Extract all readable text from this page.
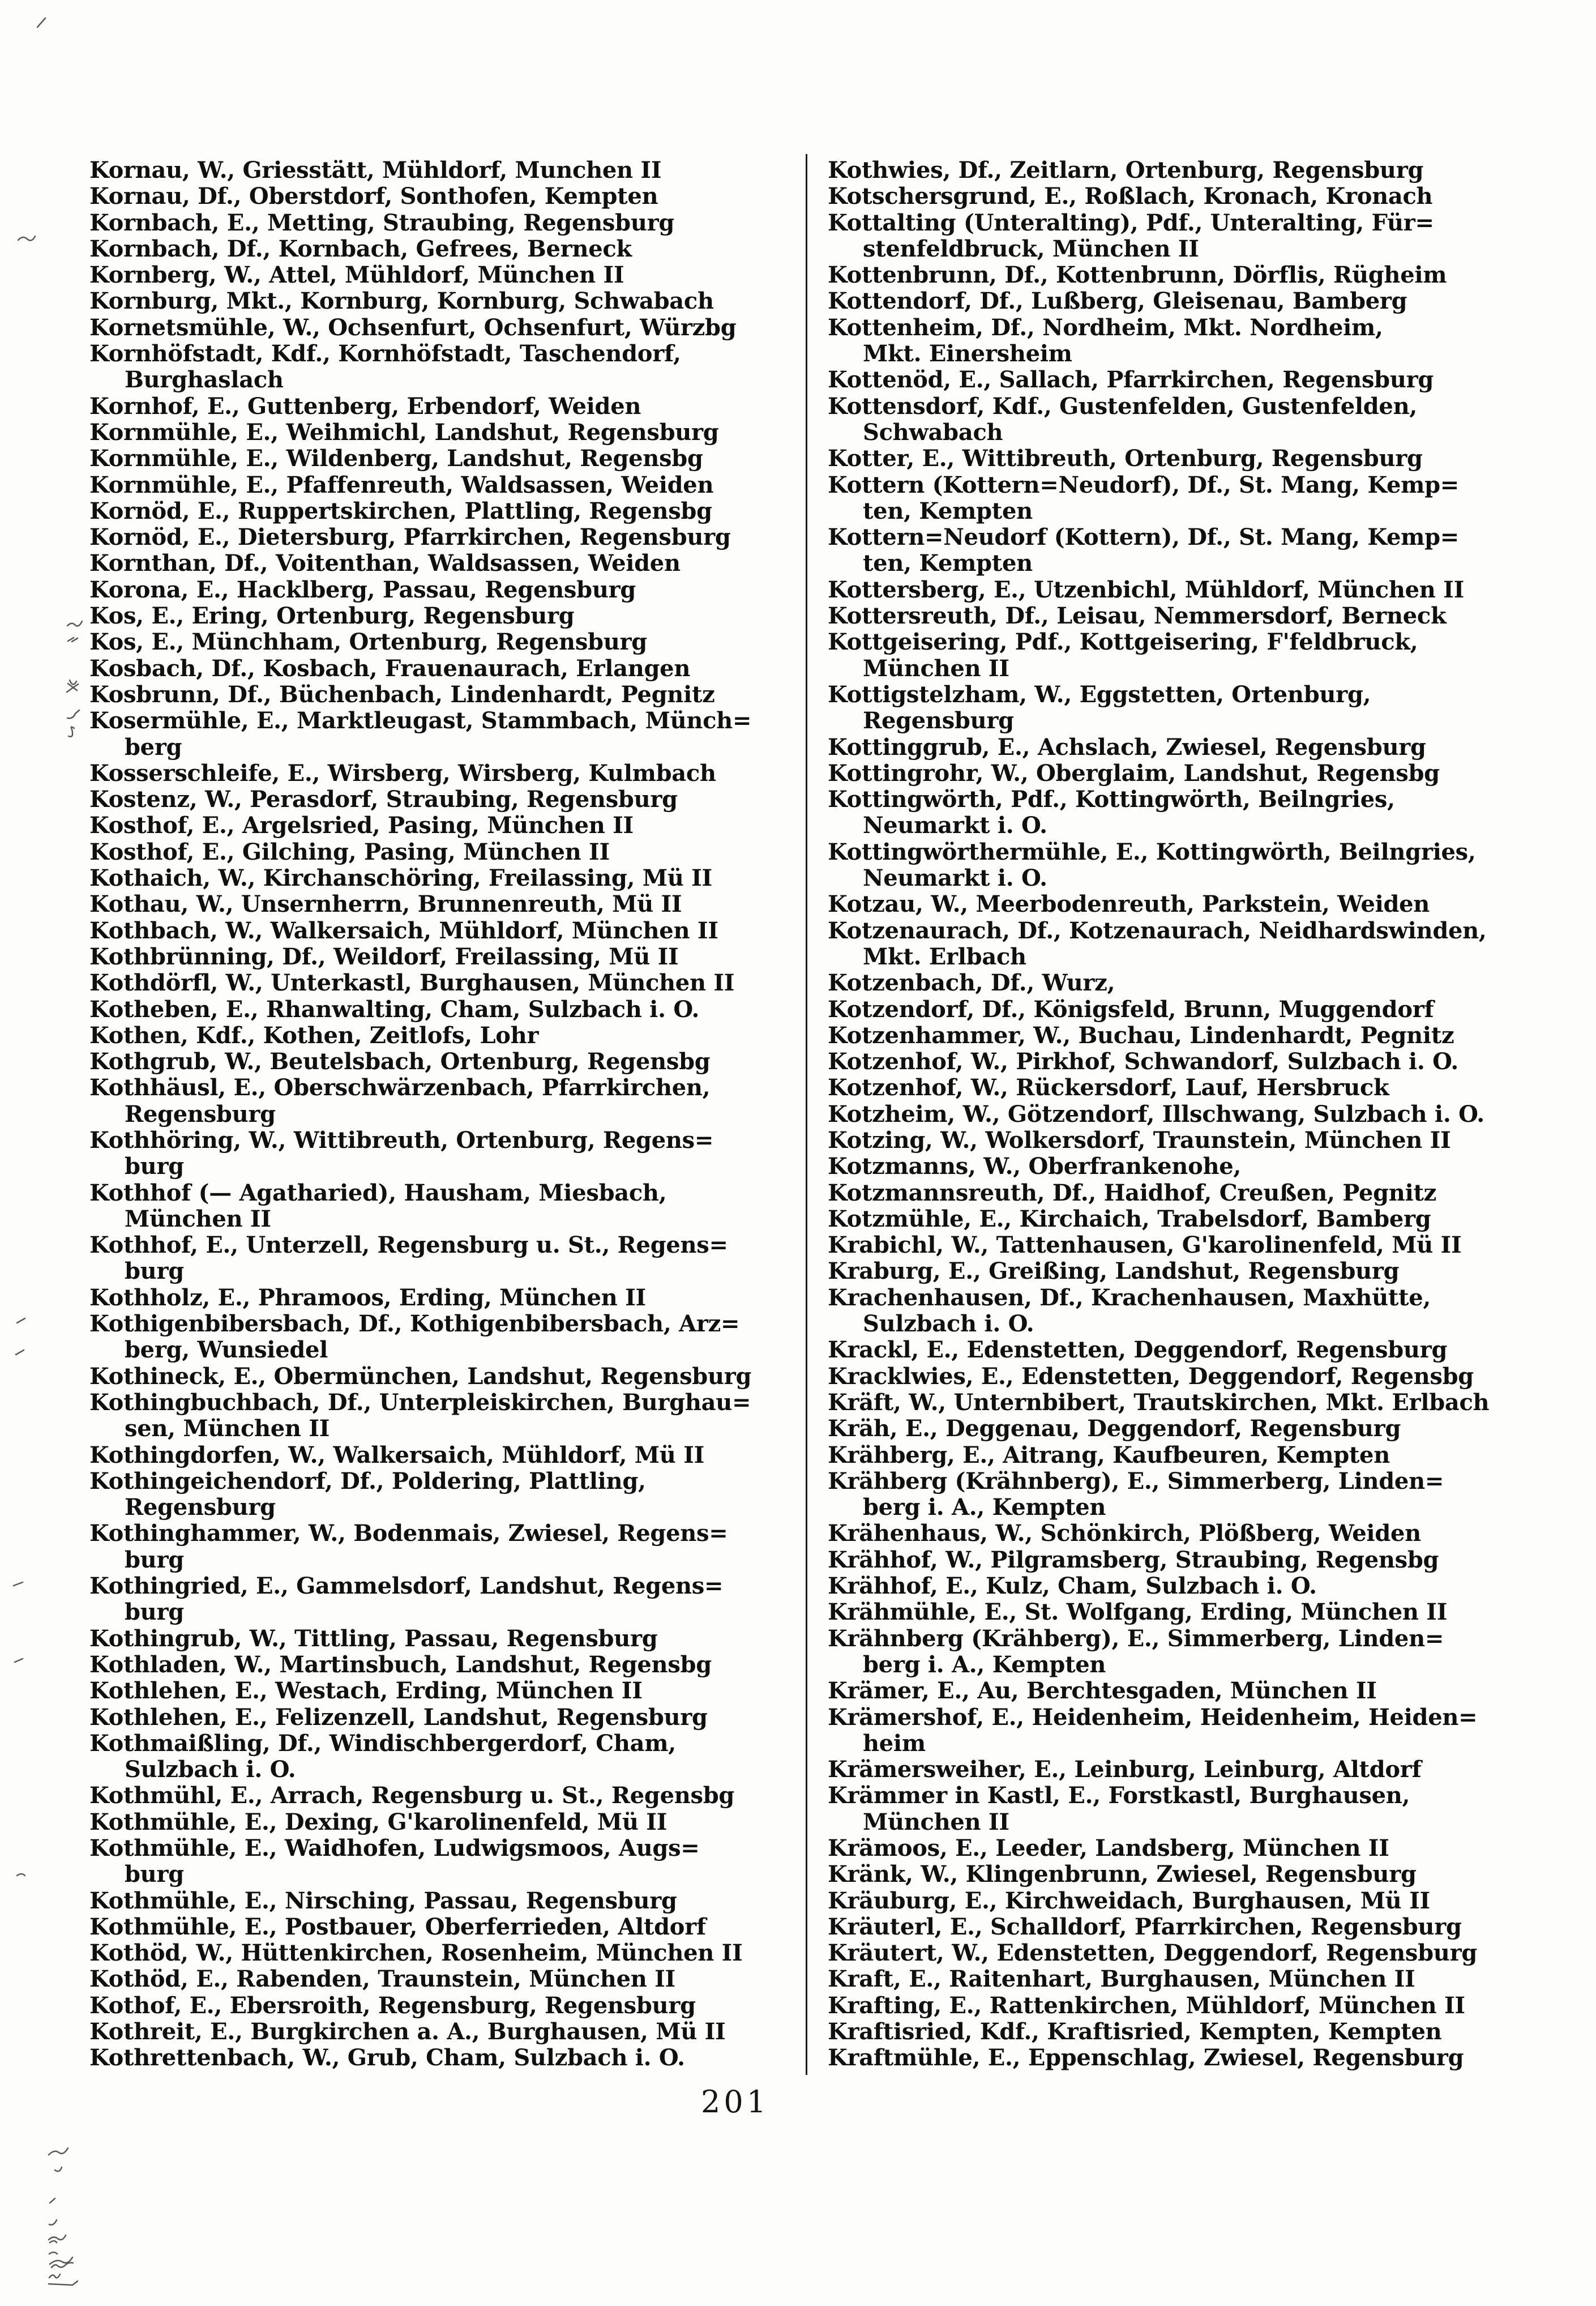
Kornau, W., Griesstätt, Mühldorf, Munchen II
Kornau, Df., Oberstdorf, Sonthofen, Kempten
Kornbach, E., Metting, Straubing, Regensburg
Kornbach, Df., Kornbach, Gefrees, Berneck
Kornberg, W., Attel, Mühldorf, München II
Kornburg, Mkt., Kornburg, Kornburg, Schwabach
Kornetsmühle, W., Ochsenfurt, Ochsenfurt, Würzbg
Kornhöfstadt, Kdf., Kornhöfstadt, Taschendorf,
Burghaslach
Kornhof, E., Guttenberg, Erbendorf, Weiden
Kornmühle, E., Weihmichl, Landshut, Regensburg
Kornmühle, E., Wildenberg, Landshut, Regensbg
Kornmühle, E., Pfaffenreuth, Waldsassen, Weiden
Kornöd, E., Ruppertskirchen, Plattling, Regensbg
Kornöd, E., Dietersburg, Pfarrkirchen, Regensburg
Kornthan, Df., Voitenthan, Waldsassen, Weiden
Korona, E., Hacklberg, Passau, Regensburg
Kos, E., Ering, Ortenburg, Regensburg
Kos, E., Münchham, Ortenburg, Regensburg
Kosbach, Df., Kosbach, Frauenaurach, Erlangen
Kosbrunn, Df., Büchenbach, Lindenhardt, Pegnitz
Kosermühle, E., Marktleugast, Stammbach, Münch=
berg
Kosserschleife, E., Wirsberg, Wirsberg, Kulmbach
Kostenz, W., Perasdorf, Straubing, Regensburg
Kosthof, E., Argelsried, Pasing, München II
Kosthof, E., Gilching, Pasing, München II
Kothaich, W., Kirchanschöring, Freilassing, Mü II
Kothau, W., Unsernherrn, Brunnenreuth, Mü II
Kothbach, W., Walkersaich, Mühldorf, München II
Kothbrünning, Df., Weildorf, Freilassing, Mü II
Kothdörfl, W., Unterkastl, Burghausen, München II
Kotheben, E., Rhanwalting, Cham, Sulzbach i. O.
Kothen, Kdf., Kothen, Zeitlofs, Lohr
Kothgrub, W., Beutelsbach, Ortenburg, Regensbg
Kothhäusl, E., Oberschwärzenbach, Pfarrkirchen,
Regensburg
Kothhöring, W., Wittibreuth, Ortenburg, Regens=
burg
Kothhof (— Agatharied), Hausham, Miesbach,
München II
Kothhof, E., Unterzell, Regensburg u. St., Regens=
burg
Kothholz, E., Phramoos, Erding, München II
Kothigenbibersbach, Df., Kothigenbibersbach, Arz=
berg, Wunsiedel
Kothineck, E., Obermünchen, Landshut, Regensburg
Kothingbuchbach, Df., Unterpleiskirchen, Burghau=
sen, München II
Kothingdorfen, W., Walkersaich, Mühldorf, Mü II
Kothingeichendorf, Df., Poldering, Plattling,
Regensburg
Kothinghammer, W., Bodenmais, Zwiesel, Regens=
burg
Kothingried, E., Gammelsdorf, Landshut, Regens=
burg
Kothingrub, W., Tittling, Passau, Regensburg
Kothladen, W., Martinsbuch, Landshut, Regensbg
Kothlehen, E., Westach, Erding, München II
Kothlehen, E., Felizenzell, Landshut, Regensburg
Kothmaißling, Df., Windischbergerdorf, Cham,
Sulzbach i. O.
Kothmühl, E., Arrach, Regensburg u. St., Regensbg
Kothmühle, E., Dexing, G'karolinenfeld, Mü II
Kothmühle, E., Waidhofen, Ludwigsmoos, Augs=
burg
Kothmühle, E., Nirsching, Passau, Regensburg
Kothmühle, E., Postbauer, Oberferrieden, Altdorf
Kothöd, W., Hüttenkirchen, Rosenheim, München II
Kothöd, E., Rabenden, Traunstein, München II
Kothof, E., Ebersroith, Regensburg, Regensburg
Kothreit, E., Burgkirchen a. A., Burghausen, Mü II
Kothrettenbach, W., Grub, Cham, Sulzbach i. O.
Kothwies, Df., Zeitlarn, Ortenburg, Regensburg
Kotschersgrund, E., Roßlach, Kronach, Kronach
Kottalting (Unteralting), Pdf., Unteralting, Für=
stenfeldbruck, München II
Kottenbrunn, Df., Kottenbrunn, Dörflis, Rügheim
Kottendorf, Df., Lußberg, Gleisenau, Bamberg
Kottenheim, Df., Nordheim, Mkt. Nordheim,
Mkt. Einersheim
Kottenöd, E., Sallach, Pfarrkirchen, Regensburg
Kottensdorf, Kdf., Gustenfelden, Gustenfelden,
Schwabach
Kotter, E., Wittibreuth, Ortenburg, Regensburg
Kottern (Kottern=Neudorf), Df., St. Mang, Kemp=
ten, Kempten
Kottern=Neudorf (Kottern), Df., St. Mang, Kemp=
ten, Kempten
Kottersberg, E., Utzenbichl, Mühldorf, München II
Kottersreuth, Df., Leisau, Nemmersdorf, Berneck
Kottgeisering, Pdf., Kottgeisering, F'feldbruck,
München II
Kottigstelzham, W., Eggstetten, Ortenburg,
Regensburg
Kottinggrub, E., Achslach, Zwiesel, Regensburg
Kottingrohr, W., Oberglaim, Landshut, Regensbg
Kottingwörth, Pdf., Kottingwörth, Beilngries,
Neumarkt i. O.
Kottingwörthermühle, E., Kottingwörth, Beilngries,
Neumarkt i. O.
Kotzau, W., Meerbodenreuth, Parkstein, Weiden
Kotzenaurach, Df., Kotzenaurach, Neidhardswinden,
Mkt. Erlbach
Kotzenbach, Df., Wurz,
Kotzendorf, Df., Königsfeld, Brunn, Muggendorf
Kotzenhammer, W., Buchau, Lindenhardt, Pegnitz
Kotzenhof, W., Pirkhof, Schwandorf, Sulzbach i. O.
Kotzenhof, W., Rückersdorf, Lauf, Hersbruck
Kotzheim, W., Götzendorf, Illschwang, Sulzbach i. O.
Kotzing, W., Wolkersdorf, Traunstein, München II
Kotzmanns, W., Oberfrankenohe,
Kotzmannsreuth, Df., Haidhof, Creußen, Pegnitz
Kotzmühle, E., Kirchaich, Trabelsdorf, Bamberg
Krabichl, W., Tattenhausen, G'karolinenfeld, Mü II
Kraburg, E., Greißing, Landshut, Regensburg
Krachenhausen, Df., Krachenhausen, Maxhütte,
Sulzbach i. O.
Krackl, E., Edenstetten, Deggendorf, Regensburg
Kracklwies, E., Edenstetten, Deggendorf, Regensbg
Kräft, W., Unternbibert, Trautskirchen, Mkt. Erlbach
Kräh, E., Deggenau, Deggendorf, Regensburg
Krähberg, E., Aitrang, Kaufbeuren, Kempten
Krähberg (Krähnberg), E., Simmerberg, Linden=
berg i. A., Kempten
Krähenhaus, W., Schönkirch, Plößberg, Weiden
Krähhof, W., Pilgramsberg, Straubing, Regensbg
Krähhof, E., Kulz, Cham, Sulzbach i. O.
Krähmühle, E., St. Wolfgang, Erding, München II
Krähnberg (Krähberg), E., Simmerberg, Linden=
berg i. A., Kempten
Krämer, E., Au, Berchtesgaden, München II
Krämershof, E., Heidenheim, Heidenheim, Heiden=
heim
Krämersweiher, E., Leinburg, Leinburg, Altdorf
Krämmer in Kastl, E., Forstkastl, Burghausen,
München II
Krämoos, E., Leeder, Landsberg, München II
Kränk, W., Klingenbrunn, Zwiesel, Regensburg
Kräuburg, E., Kirchweidach, Burghausen, Mü II
Kräuterl, E., Schalldorf, Pfarrkirchen, Regensburg
Kräutert, W., Edenstetten, Deggendorf, Regensburg
Kraft, E., Raitenhart, Burghausen, München II
Krafting, E., Rattenkirchen, Mühldorf, München II
Kraftisried, Kdf., Kraftisried, Kempten, Kempten
Kraftmühle, E., Eppenschlag, Zwiesel, Regensburg
201
